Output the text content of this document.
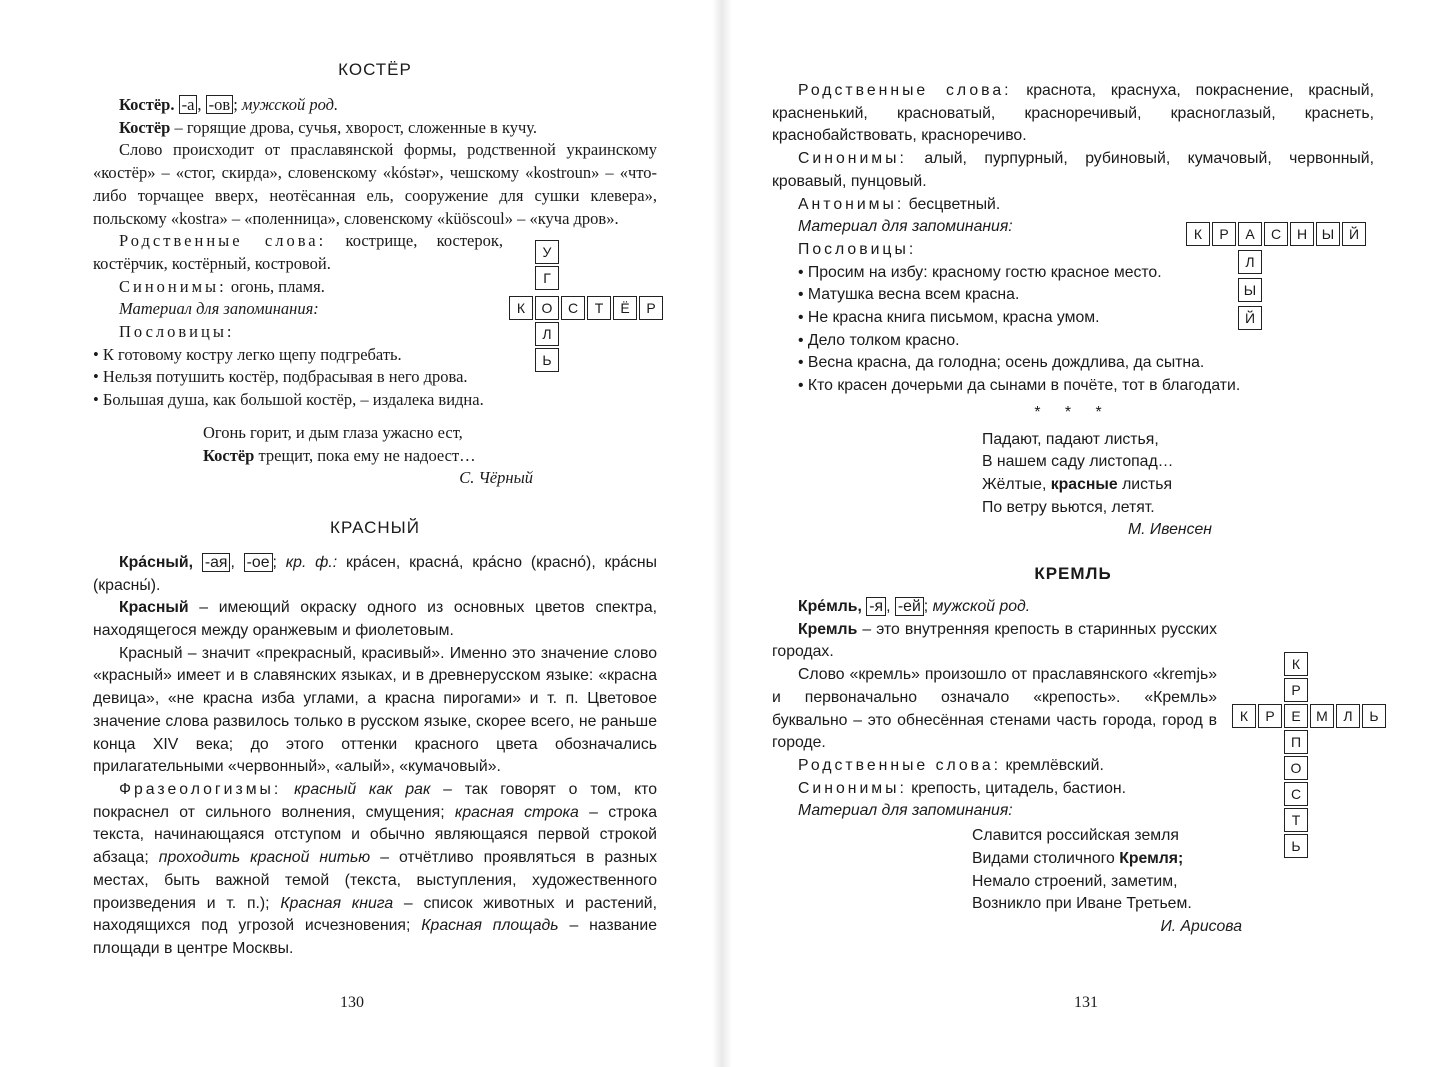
КОСТЁР

Костёр. -а , -ов ; мужской род.

Костёр – горящие дрова, сучья, хворост, сложенные в кучу.

Слово происходит от праславянской формы, родственной украинскому «костёр» – «стог, скирда», словенскому «kóstər», чешскому «kostroun» – «что-либо торчащее вверх, неотёсанная ель, сооружение для сушки клевера», польскому «kostra» – «поленница», словенскому «küöscoul» – «куча дров».

Родственные слова: кострище, костерок, костёрчик, костёрный, костровой.

Синонимы: огонь, пламя.

Материал для запоминания:

Пословицы:

• К готовому костру легко щепу подгребать.

• Нельзя потушить костёр, подбрасывая в него дрова.

• Большая душа, как большой костёр, – издалека видна.

Огонь горит, и дым глаза ужасно ест,

Костёр трещит, пока ему не надоест…

С. Чёрный

КРАСНЫЙ

Кра́сный, -ая , -ое ; кр. ф.: кра́сен, красна́, кра́сно (красно́), кра́сны (красны́).

Красный – имеющий окраску одного из основных цветов спектра, находящегося между оранжевым и фиолетовым.

Красный – значит «прекрасный, красивый». Именно это значение слово «красный» имеет и в славянских языках, и в древнерусском языке: «красна девица», «не красна изба углами, а красна пирогами» и т. п. Цветовое значение слова развилось только в русском языке, скорее всего, не раньше конца XIV века; до этого оттенки красного цвета обозначались прилагательными «червонный», «алый», «кумачовый».

Фразеологизмы: красный как рак – так говорят о том, кто покраснел от сильного волнения, смущения; красная строка – строка текста, начинающаяся отступом и обычно являющаяся первой строкой абзаца; проходить красной нитью – отчётливо проявляться в разных местах, быть важной темой (текста, выступления, художественного произведения и т. п.); Красная книга – список животных и растений, находящихся под угрозой исчезновения; Красная площадь – название площади в центре Москвы.

К	О	С	Т	Ё	Р
У
Г
Л
Ь
130

Родственные слова: краснота, краснуха, покраснение, красный, красненький, красноватый, красноречивый, красноглазый, краснеть, краснобайствовать, красноречиво.

Синонимы: алый, пурпурный, рубиновый, кумачовый, червонный, кровавый, пунцовый.

Антонимы: бесцветный.

Материал для запоминания:

Пословицы:

• Просим на избу: красному гостю красное место.

• Матушка весна всем красна.

• Не красна книга письмом, красна умом.

• Дело толком красно.

• Весна красна, да голодна; осень дождлива, да сытна.

• Кто красен дочерьми да сынами в почёте, тот в благодати.

* * *

Падают, падают листья,

В нашем саду листопад…

Жёлтые, красные листья

По ветру вьются, летят.

М. Ивенсен

КРЕМЛЬ

Кре́мль, -я , -ей ; мужской род.

Кремль – это внутренняя крепость в старинных русских городах.

Слово «кремль» произошло от праславянского «kremjь» и первоначально означало «крепость». «Кремль» буквально – это обнесённая стенами часть города, город в городе.

Родственные слова: кремлёвский.

Синонимы: крепость, цитадель, бастион.

Материал для запоминания:

Славится российская земля

Видами столичного Кремля;

Немало строений, заметим,

Возникло при Иване Третьем.

И. Арисова

К	Р	А	С	Н	Ы	Й
Л
Ы
Й
К
Р
К	Р	Е	М	Л	Ь
П
О
С
Т
Ь
131
